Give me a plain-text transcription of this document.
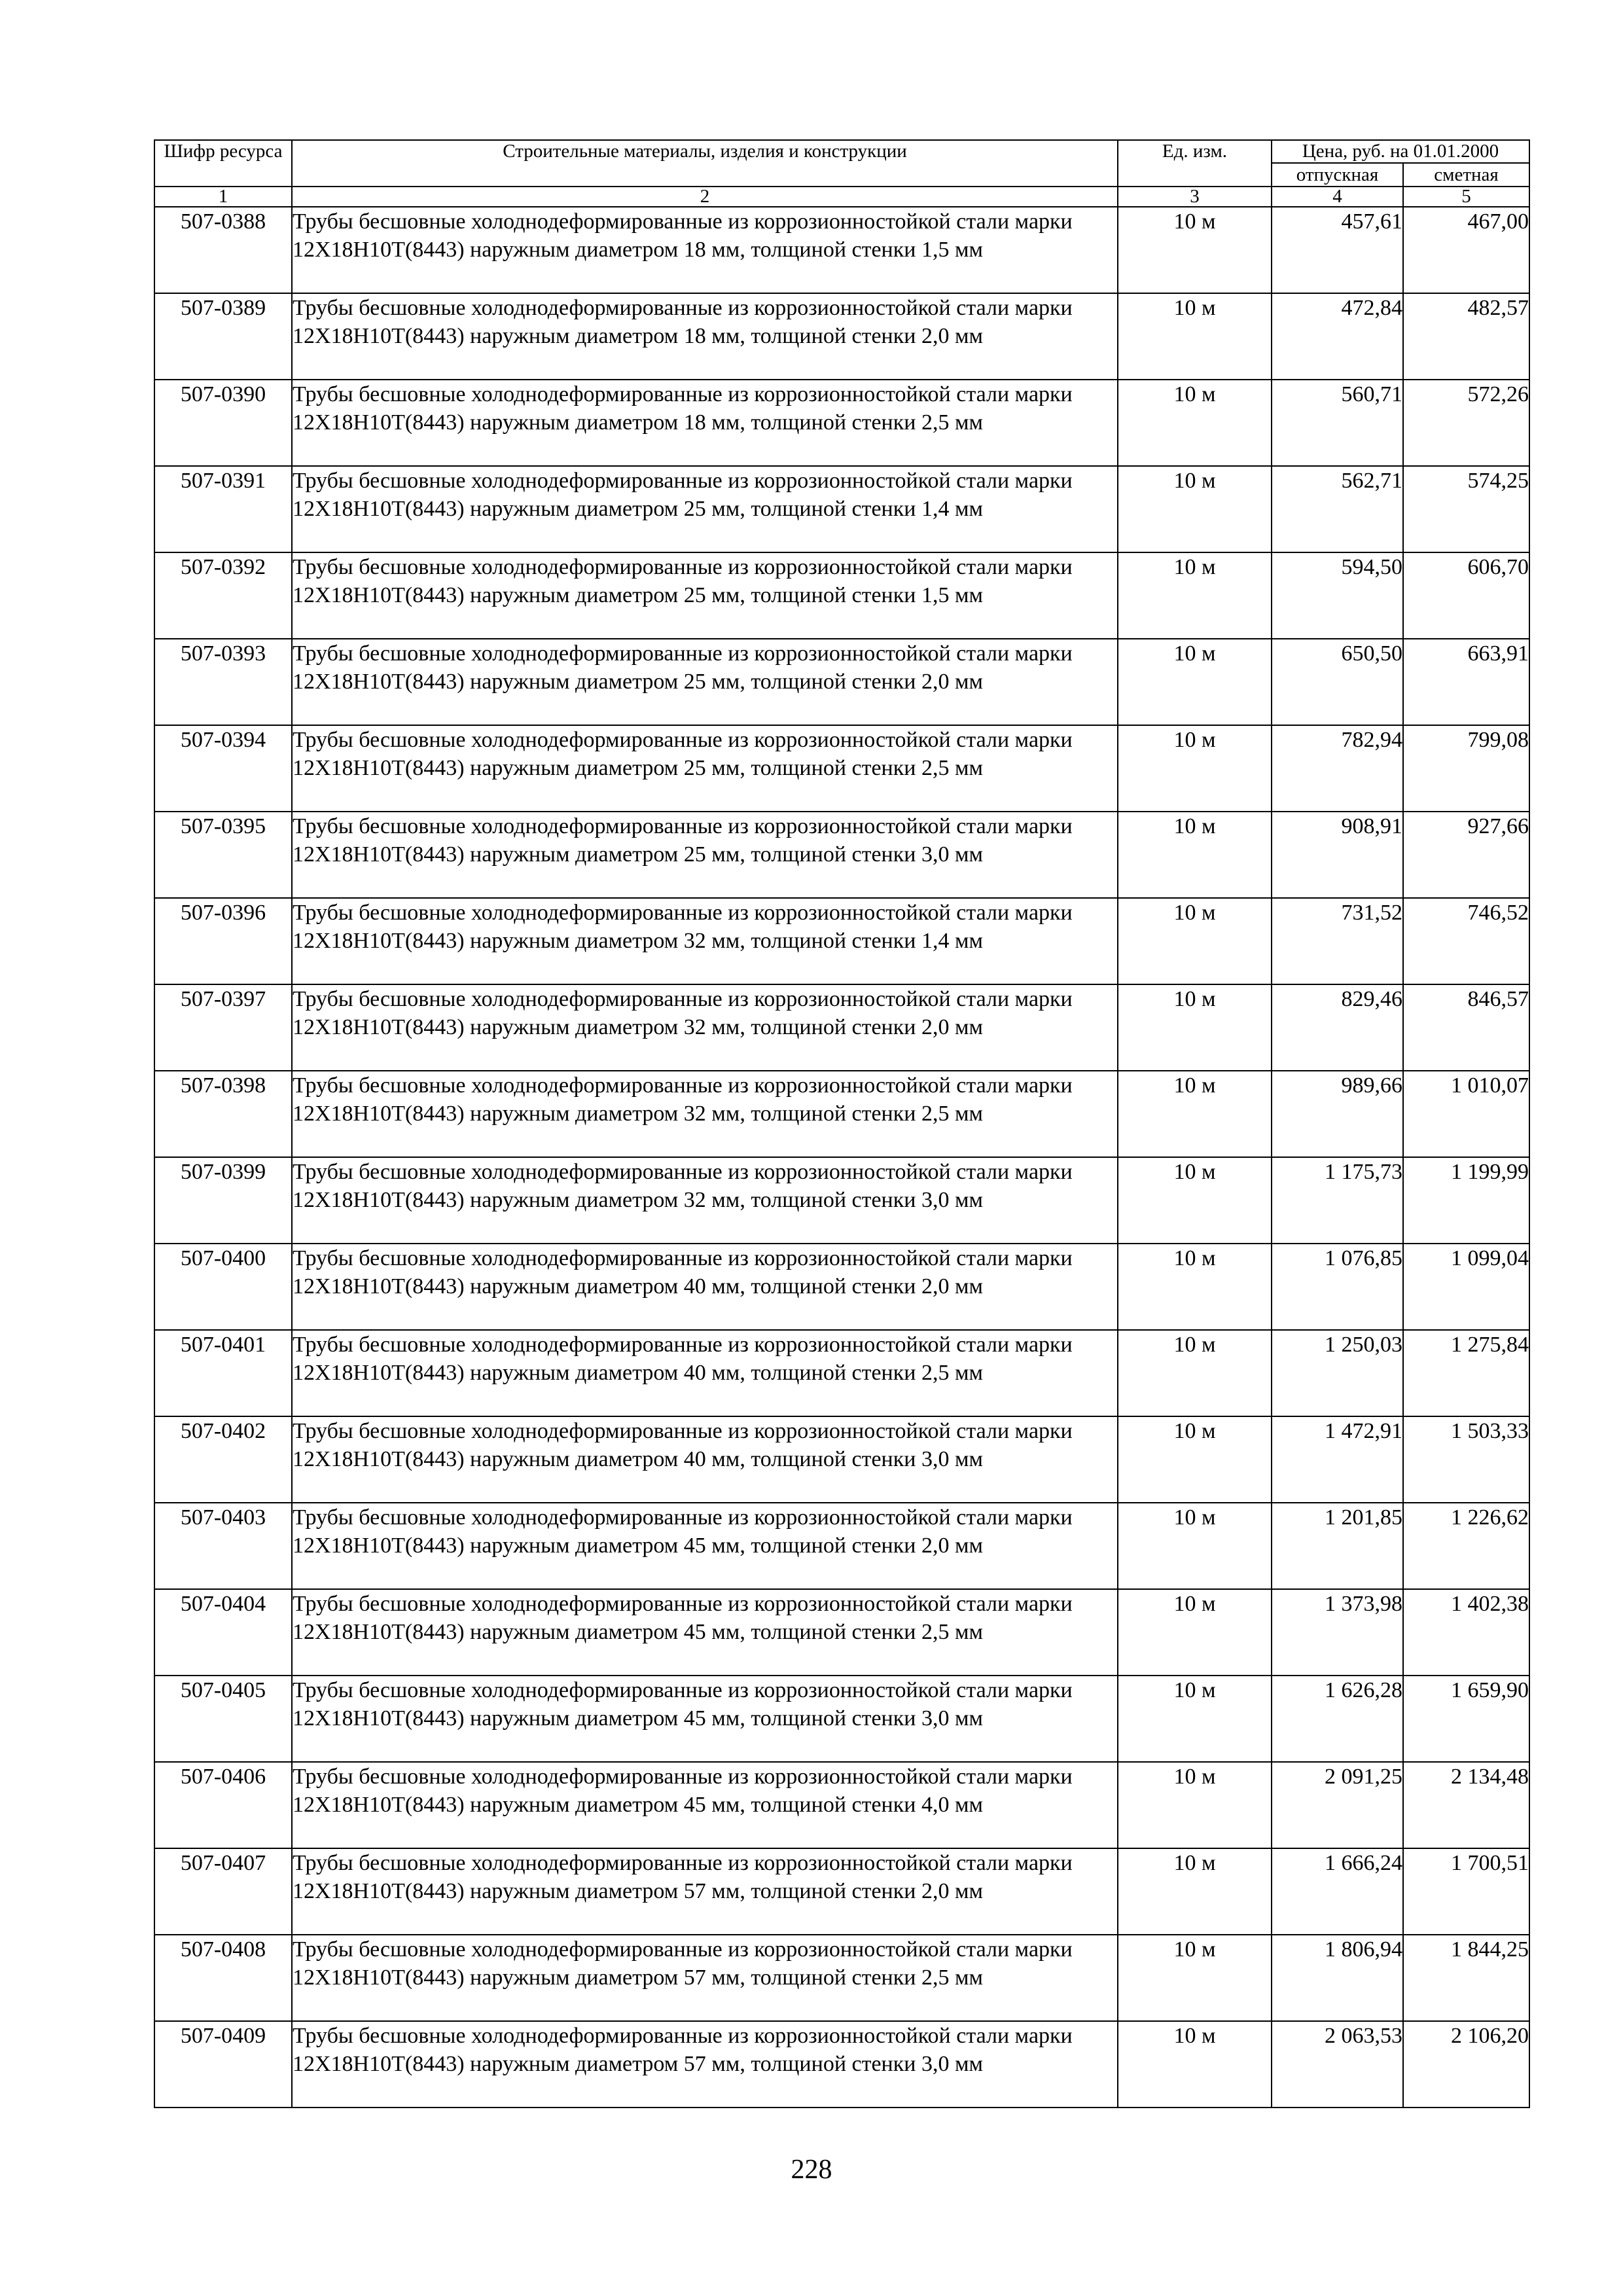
Шифр ресурса	Строительные материалы, изделия и конструкции	Ед. изм.	Цена, руб. на 01.01.2000	
			отпускная	сметная
1	2	3	4	5
507-0388	Трубы бесшовные холоднодеформированные из коррозионностойкой стали марки 12Х18Н10Т(8443) наружным диаметром 18 мм, толщиной стенки 1,5 мм	10 м	457,61	467,00
507-0389	Трубы бесшовные холоднодеформированные из коррозионностойкой стали марки 12Х18Н10Т(8443) наружным диаметром 18 мм, толщиной стенки 2,0 мм	10 м	472,84	482,57
507-0390	Трубы бесшовные холоднодеформированные из коррозионностойкой стали марки 12Х18Н10Т(8443) наружным диаметром 18 мм, толщиной стенки 2,5 мм	10 м	560,71	572,26
507-0391	Трубы бесшовные холоднодеформированные из коррозионностойкой стали марки 12Х18Н10Т(8443) наружным диаметром 25 мм, толщиной стенки 1,4 мм	10 м	562,71	574,25
507-0392	Трубы бесшовные холоднодеформированные из коррозионностойкой стали марки 12Х18Н10Т(8443) наружным диаметром 25 мм, толщиной стенки 1,5 мм	10 м	594,50	606,70
507-0393	Трубы бесшовные холоднодеформированные из коррозионностойкой стали марки 12Х18Н10Т(8443) наружным диаметром 25 мм, толщиной стенки 2,0 мм	10 м	650,50	663,91
507-0394	Трубы бесшовные холоднодеформированные из коррозионностойкой стали марки 12Х18Н10Т(8443) наружным диаметром 25 мм, толщиной стенки 2,5 мм	10 м	782,94	799,08
507-0395	Трубы бесшовные холоднодеформированные из коррозионностойкой стали марки 12Х18Н10Т(8443) наружным диаметром 25 мм, толщиной стенки 3,0 мм	10 м	908,91	927,66
507-0396	Трубы бесшовные холоднодеформированные из коррозионностойкой стали марки 12Х18Н10Т(8443) наружным диаметром 32 мм, толщиной стенки 1,4 мм	10 м	731,52	746,52
507-0397	Трубы бесшовные холоднодеформированные из коррозионностойкой стали марки 12Х18Н10Т(8443) наружным диаметром 32 мм, толщиной стенки 2,0 мм	10 м	829,46	846,57
507-0398	Трубы бесшовные холоднодеформированные из коррозионностойкой стали марки 12Х18Н10Т(8443) наружным диаметром 32 мм, толщиной стенки 2,5 мм	10 м	989,66	1 010,07
507-0399	Трубы бесшовные холоднодеформированные из коррозионностойкой стали марки 12Х18Н10Т(8443) наружным диаметром 32 мм, толщиной стенки 3,0 мм	10 м	1 175,73	1 199,99
507-0400	Трубы бесшовные холоднодеформированные из коррозионностойкой стали марки 12Х18Н10Т(8443) наружным диаметром 40 мм, толщиной стенки 2,0 мм	10 м	1 076,85	1 099,04
507-0401	Трубы бесшовные холоднодеформированные из коррозионностойкой стали марки 12Х18Н10Т(8443) наружным диаметром 40 мм, толщиной стенки 2,5 мм	10 м	1 250,03	1 275,84
507-0402	Трубы бесшовные холоднодеформированные из коррозионностойкой стали марки 12Х18Н10Т(8443) наружным диаметром 40 мм, толщиной стенки 3,0 мм	10 м	1 472,91	1 503,33
507-0403	Трубы бесшовные холоднодеформированные из коррозионностойкой стали марки 12Х18Н10Т(8443) наружным диаметром 45 мм, толщиной стенки 2,0 мм	10 м	1 201,85	1 226,62
507-0404	Трубы бесшовные холоднодеформированные из коррозионностойкой стали марки 12Х18Н10Т(8443) наружным диаметром 45 мм, толщиной стенки 2,5 мм	10 м	1 373,98	1 402,38
507-0405	Трубы бесшовные холоднодеформированные из коррозионностойкой стали марки 12Х18Н10Т(8443) наружным диаметром 45 мм, толщиной стенки 3,0 мм	10 м	1 626,28	1 659,90
507-0406	Трубы бесшовные холоднодеформированные из коррозионностойкой стали марки 12Х18Н10Т(8443) наружным диаметром 45 мм, толщиной стенки 4,0 мм	10 м	2 091,25	2 134,48
507-0407	Трубы бесшовные холоднодеформированные из коррозионностойкой стали марки 12Х18Н10Т(8443) наружным диаметром 57 мм, толщиной стенки 2,0 мм	10 м	1 666,24	1 700,51
507-0408	Трубы бесшовные холоднодеформированные из коррозионностойкой стали марки 12Х18Н10Т(8443) наружным диаметром 57 мм, толщиной стенки 2,5 мм	10 м	1 806,94	1 844,25
507-0409	Трубы бесшовные холоднодеформированные из коррозионностойкой стали марки 12Х18Н10Т(8443) наружным диаметром 57 мм, толщиной стенки 3,0 мм	10 м	2 063,53	2 106,20
228
